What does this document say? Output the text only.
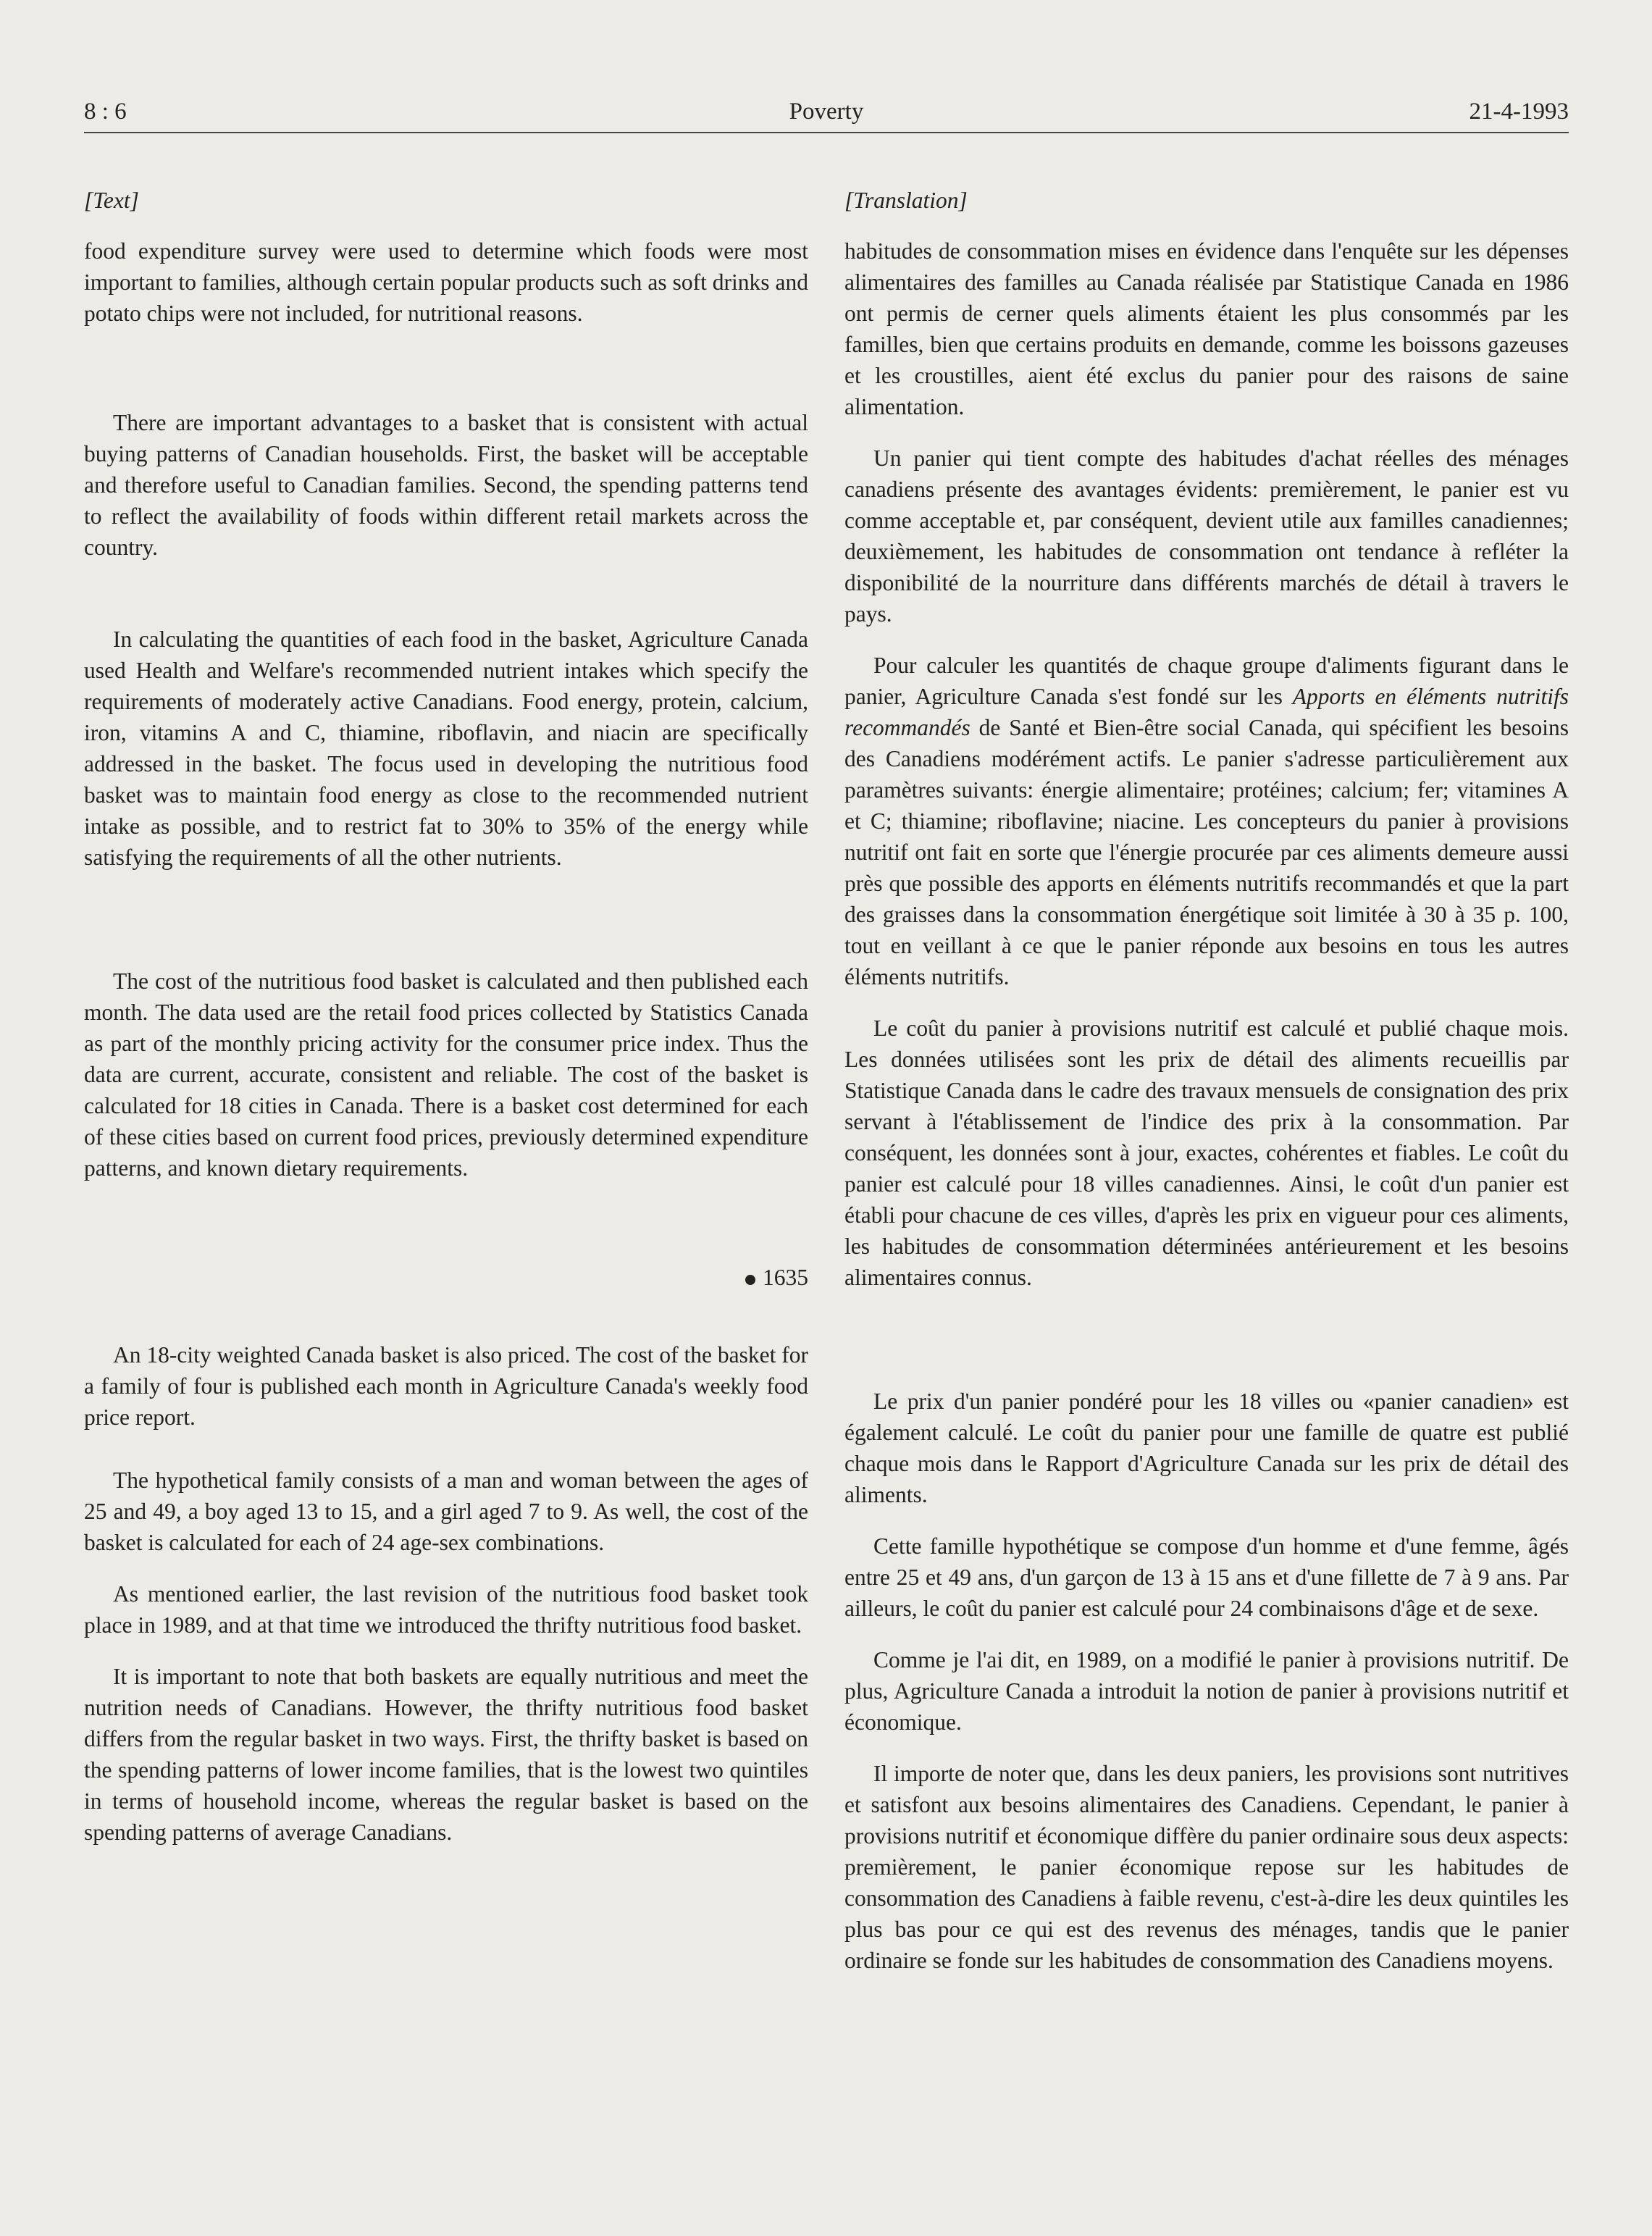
8 : 6	Poverty	21-4-1993
[Text]

food expenditure survey were used to determine which foods were most important to families, although certain popular products such as soft drinks and potato chips were not included, for nutritional reasons.

There are important advantages to a basket that is consistent with actual buying patterns of Canadian households. First, the basket will be acceptable and therefore useful to Canadian families. Second, the spending patterns tend to reflect the availability of foods within different retail markets across the country.

In calculating the quantities of each food in the basket, Agriculture Canada used Health and Welfare's recommended nutrient intakes which specify the requirements of moderately active Canadians. Food energy, protein, calcium, iron, vitamins A and C, thiamine, riboflavin, and niacin are specifically addressed in the basket. The focus used in developing the nutritious food basket was to maintain food energy as close to the recommended nutrient intake as possible, and to restrict fat to 30% to 35% of the energy while satisfying the requirements of all the other nutrients.

The cost of the nutritious food basket is calculated and then published each month. The data used are the retail food prices collected by Statistics Canada as part of the monthly pricing activity for the consumer price index. Thus the data are current, accurate, consistent and reliable. The cost of the basket is calculated for 18 cities in Canada. There is a basket cost determined for each of these cities based on current food prices, previously determined expenditure patterns, and known dietary requirements.

1635

An 18-city weighted Canada basket is also priced. The cost of the basket for a family of four is published each month in Agriculture Canada's weekly food price report.

The hypothetical family consists of a man and woman between the ages of 25 and 49, a boy aged 13 to 15, and a girl aged 7 to 9. As well, the cost of the basket is calculated for each of 24 age-sex combinations.

As mentioned earlier, the last revision of the nutritious food basket took place in 1989, and at that time we introduced the thrifty nutritious food basket.

It is important to note that both baskets are equally nutritious and meet the nutrition needs of Canadians. However, the thrifty nutritious food basket differs from the regular basket in two ways. First, the thrifty basket is based on the spending patterns of lower income families, that is the lowest two quintiles in terms of household income, whereas the regular basket is based on the spending patterns of average Canadians.

[Translation]

habitudes de consommation mises en évidence dans l'enquête sur les dépenses alimentaires des familles au Canada réalisée par Statistique Canada en 1986 ont permis de cerner quels aliments étaient les plus consommés par les familles, bien que certains produits en demande, comme les boissons gazeuses et les croustilles, aient été exclus du panier pour des raisons de saine alimentation.

Un panier qui tient compte des habitudes d'achat réelles des ménages canadiens présente des avantages évidents: premièrement, le panier est vu comme acceptable et, par conséquent, devient utile aux familles canadiennes; deuxièmement, les habitudes de consommation ont tendance à refléter la disponibilité de la nourriture dans différents marchés de détail à travers le pays.

Pour calculer les quantités de chaque groupe d'aliments figurant dans le panier, Agriculture Canada s'est fondé sur les Apports en éléments nutritifs recommandés de Santé et Bien-être social Canada, qui spécifient les besoins des Canadiens modérément actifs. Le panier s'adresse particulièrement aux paramètres suivants: énergie alimentaire; protéines; calcium; fer; vitamines A et C; thiamine; riboflavine; niacine. Les concepteurs du panier à provisions nutritif ont fait en sorte que l'énergie procurée par ces aliments demeure aussi près que possible des apports en éléments nutritifs recommandés et que la part des graisses dans la consommation énergétique soit limitée à 30 à 35 p. 100, tout en veillant à ce que le panier réponde aux besoins en tous les autres éléments nutritifs.

Le coût du panier à provisions nutritif est calculé et publié chaque mois. Les données utilisées sont les prix de détail des aliments recueillis par Statistique Canada dans le cadre des travaux mensuels de consignation des prix servant à l'établissement de l'indice des prix à la consommation. Par conséquent, les données sont à jour, exactes, cohérentes et fiables. Le coût du panier est calculé pour 18 villes canadiennes. Ainsi, le coût d'un panier est établi pour chacune de ces villes, d'après les prix en vigueur pour ces aliments, les habitudes de consommation déterminées antérieurement et les besoins alimentaires connus.

Le prix d'un panier pondéré pour les 18 villes ou «panier canadien» est également calculé. Le coût du panier pour une famille de quatre est publié chaque mois dans le Rapport d'Agriculture Canada sur les prix de détail des aliments.

Cette famille hypothétique se compose d'un homme et d'une femme, âgés entre 25 et 49 ans, d'un garçon de 13 à 15 ans et d'une fillette de 7 à 9 ans. Par ailleurs, le coût du panier est calculé pour 24 combinaisons d'âge et de sexe.

Comme je l'ai dit, en 1989, on a modifié le panier à provisions nutritif. De plus, Agriculture Canada a introduit la notion de panier à provisions nutritif et économique.

Il importe de noter que, dans les deux paniers, les provisions sont nutritives et satisfont aux besoins alimentaires des Canadiens. Cependant, le panier à provisions nutritif et économique diffère du panier ordinaire sous deux aspects: premièrement, le panier économique repose sur les habitudes de consommation des Canadiens à faible revenu, c'est-à-dire les deux quintiles les plus bas pour ce qui est des revenus des ménages, tandis que le panier ordinaire se fonde sur les habitudes de consommation des Canadiens moyens.
